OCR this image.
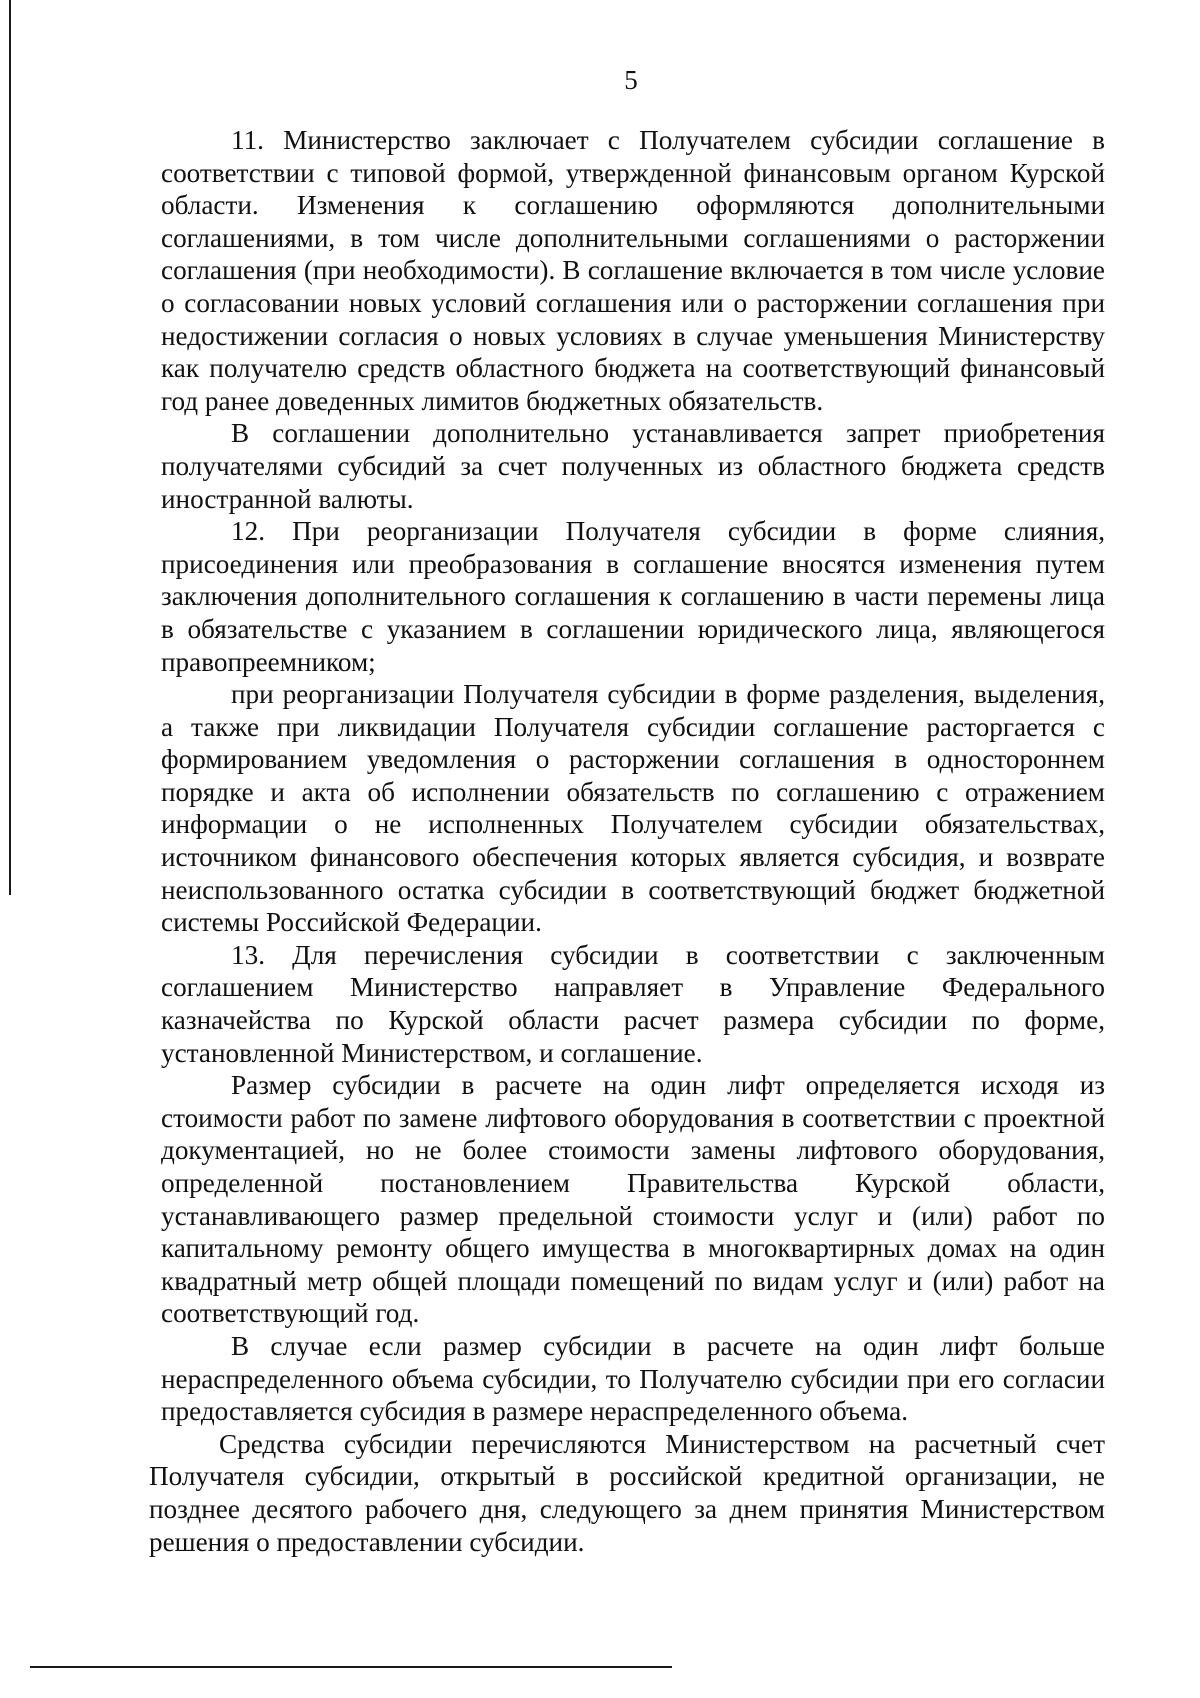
5

11. Министерство заключает с Получателем субсидии соглашение в соответствии с типовой формой, утвержденной финансовым органом Курской области. Изменения к соглашению оформляются дополнительными соглашениями, в том числе дополнительными соглашениями о расторжении соглашения (при необходимости). В соглашение включается в том числе условие о согласовании новых условий соглашения или о расторжении соглашения при недостижении согласия о новых условиях в случае уменьшения Министерству как получателю средств областного бюджета на соответствующий финансовый год ранее доведенных лимитов бюджетных обязательств.

В соглашении дополнительно устанавливается запрет приобретения получателями субсидий за счет полученных из областного бюджета средств иностранной валюты.

12. При реорганизации Получателя субсидии в форме слияния, присоединения или преобразования в соглашение вносятся изменения путем заключения дополнительного соглашения к соглашению в части перемены лица в обязательстве с указанием в соглашении юридического лица, являющегося правопреемником;

при реорганизации Получателя субсидии в форме разделения, выделения, а также при ликвидации Получателя субсидии соглашение расторгается с формированием уведомления о расторжении соглашения в одностороннем порядке и акта об исполнении обязательств по соглашению с отражением информации о не исполненных Получателем субсидии обязательствах, источником финансового обеспечения которых является субсидия, и возврате неиспользованного остатка субсидии в соответствующий бюджет бюджетной системы Российской Федерации.

13. Для перечисления субсидии в соответствии с заключенным соглашением Министерство направляет в Управление Федерального казначейства по Курской области расчет размера субсидии по форме, установленной Министерством, и соглашение.

Размер субсидии в расчете на один лифт определяется исходя из стоимости работ по замене лифтового оборудования в соответствии с проектной документацией, но не более стоимости замены лифтового оборудования, определенной постановлением Правительства Курской области, устанавливающего размер предельной стоимости услуг и (или) работ по капитальному ремонту общего имущества в многоквартирных домах на один квадратный метр общей площади помещений по видам услуг и (или) работ на соответствующий год.

В случае если размер субсидии в расчете на один лифт больше нераспределенного объема субсидии, то Получателю субсидии при его согласии предоставляется субсидия в размере нераспределенного объема.

Средства субсидии перечисляются Министерством на расчетный счет Получателя субсидии, открытый в российской кредитной организации, не позднее десятого рабочего дня, следующего за днем принятия Министерством решения о предоставлении субсидии.
